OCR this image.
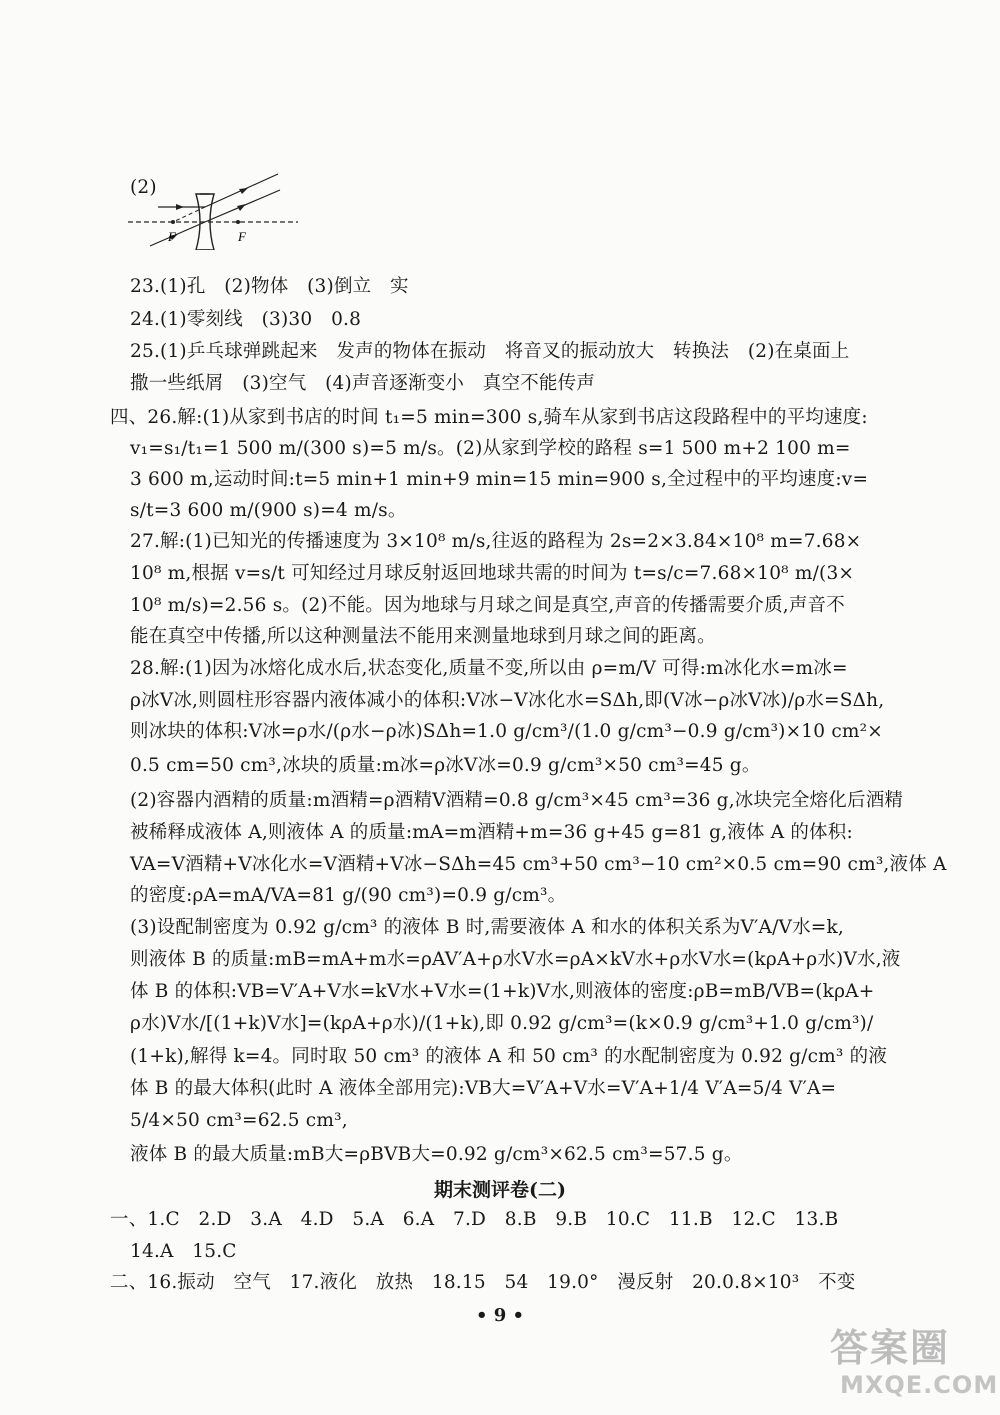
(2)
F	F
23.(1)孔　(2)物体　(3)倒立　实
24.(1)零刻线　(3)30　0.8
25.(1)乒乓球弹跳起来　发声的物体在振动　将音叉的振动放大　转换法　(2)在桌面上
撒一些纸屑　(3)空气　(4)声音逐渐变小　真空不能传声
四、26.解:(1)从家到书店的时间 t₁=5 min=300 s,骑车从家到书店这段路程中的平均速度:
v₁=s₁/t₁=1 500 m/(300 s)=5 m/s。(2)从家到学校的路程 s=1 500 m+2 100 m=
3 600 m,运动时间:t=5 min+1 min+9 min=15 min=900 s,全过程中的平均速度:v=
s/t=3 600 m/(900 s)=4 m/s。
27.解:(1)已知光的传播速度为 3×10⁸ m/s,往返的路程为 2s=2×3.84×10⁸ m=7.68×
10⁸ m,根据 v=s/t 可知经过月球反射返回地球共需的时间为 t=s/c=7.68×10⁸ m/(3×
10⁸ m/s)=2.56 s。(2)不能。因为地球与月球之间是真空,声音的传播需要介质,声音不
能在真空中传播,所以这种测量法不能用来测量地球到月球之间的距离。
28.解:(1)因为冰熔化成水后,状态变化,质量不变,所以由 ρ=m/V 可得:m冰化水=m冰=
ρ冰V冰,则圆柱形容器内液体减小的体积:V冰−V冰化水=SΔh,即(V冰−ρ冰V冰)/ρ水=SΔh,
则冰块的体积:V冰=ρ水/(ρ水−ρ冰)SΔh=1.0 g/cm³/(1.0 g/cm³−0.9 g/cm³)×10 cm²×
0.5 cm=50 cm³,冰块的质量:m冰=ρ冰V冰=0.9 g/cm³×50 cm³=45 g。
(2)容器内酒精的质量:m酒精=ρ酒精V酒精=0.8 g/cm³×45 cm³=36 g,冰块完全熔化后酒精
被稀释成液体 A,则液体 A 的质量:mA=m酒精+m=36 g+45 g=81 g,液体 A 的体积:
VA=V酒精+V冰化水=V酒精+V冰−SΔh=45 cm³+50 cm³−10 cm²×0.5 cm=90 cm³,液体 A
的密度:ρA=mA/VA=81 g/(90 cm³)=0.9 g/cm³。
(3)设配制密度为 0.92 g/cm³ 的液体 B 时,需要液体 A 和水的体积关系为V′A/V水=k,
则液体 B 的质量:mB=mA+m水=ρAV′A+ρ水V水=ρA×kV水+ρ水V水=(kρA+ρ水)V水,液
体 B 的体积:VB=V′A+V水=kV水+V水=(1+k)V水,则液体的密度:ρB=mB/VB=(kρA+
ρ水)V水/[(1+k)V水]=(kρA+ρ水)/(1+k),即 0.92 g/cm³=(k×0.9 g/cm³+1.0 g/cm³)/
(1+k),解得 k=4。同时取 50 cm³ 的液体 A 和 50 cm³ 的水配制密度为 0.92 g/cm³ 的液
体 B 的最大体积(此时 A 液体全部用完):VB大=V′A+V水=V′A+1/4 V′A=5/4 V′A=
5/4×50 cm³=62.5 cm³,
液体 B 的最大质量:mB大=ρBVB大=0.92 g/cm³×62.5 cm³=57.5 g。
期末测评卷(二)
一、1.C　2.D　3.A　4.D　5.A　6.A　7.D　8.B　9.B　10.C　11.B　12.C　13.B
14.A　15.C
二、16.振动　空气　17.液化　放热　18.15　54　19.0°　漫反射　20.0.8×10³　不变
• 9 •
答案圈
MXQE.COM
